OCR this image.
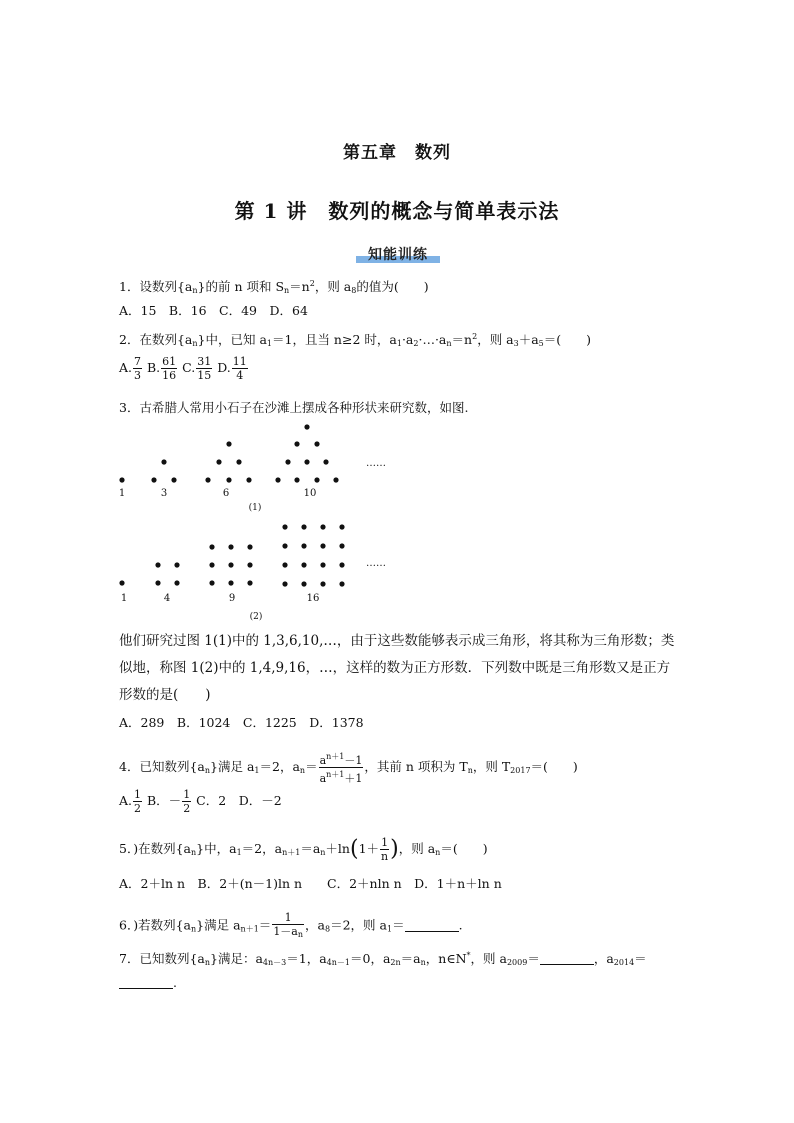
第五章　数列
第 1 讲　数列的概念与简单表示法
知能训练
1．设数列$\{a_n\}$的前 n 项和 $S_n=n^2$，则 $a_8$的值为(　　)
A．15　B．16　C．49　D．64
2．在数列$\{a_n\}$中，已知 $a_1=1$，且当 n≥2 时，$a_1\cdot a_2\cdot\dots\cdot a_n=n^2$，则 $a_3+a_5=$(　　)
A. $\frac{7}{3} B$. $\frac{61}{16} C$. $\frac{31}{15} D$. $\frac{11}{4}$
3．古希腊人常用小石子在沙滩上摆成各种形状来研究数，如图.
1	3	6	10
(1)
……
1	4	9	16
(2)
……
他们研究过图 1(1)中的 1,3,6,10,…，由于这些数能够表示成三角形，将其称为三角形数；类似地，称图 1(2)中的 1,4,9,16，…，这样的数为正方形数．下列数中既是三角形数又是正方形数的是(　　)
A．289　B．1024　C．1225　D．1378
4．已知数列$\{a_n\}$满足 $a_1=2$，$a_n= \frac{a^{n+1}-1}{a^{n+1}+1}$ ，其前 n 项积为 $T_n$，则 $T_{2017}=$(　　)
A. $\frac{1}{2}$ B．－ $\frac{1}{2}$ C．2　D．－2
5．)在数列$\{a_n\}$中，$a_1=2$，$a_{n+1}=a_n+\ln(1+ \frac{1}{n}$ )，则 $a_n=$(　　)
A．2＋ln n　B．2＋(n－1)ln n　　C．2＋nln n　D．1＋n＋ln n
6．)若数列$\{a_n\}$满足 $a_{n+1}= \frac{1}{1-a_n}$ ，$a_8=2$，则 $a_1=$	.
7．已知数列$\{a_n\}$满足：$a_{4n-3}=1$，$a_{4n-1}=0$，$a_{2n}=a_n$，n∈N*，则 $a_{2009}=$	，$a_{2014}=$
.
